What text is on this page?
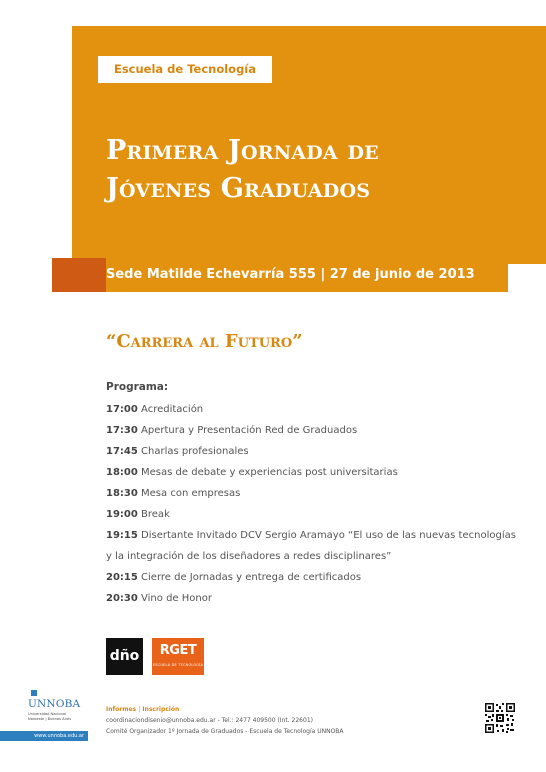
Escuela de Tecnología
Primera Jornada de
Jóvenes Graduados
Sede Matilde Echevarría 555 | 27 de junio de 2013
“Carrera al Futuro”
Programa:
17:00 Acreditación
17:30 Apertura y Presentación Red de Graduados
17:45 Charlas profesionales
18:00 Mesas de debate y experiencias post universitarias
18:30 Mesa con empresas
19:00 Break
19:15 Disertante Invitado DCV Sergio Aramayo “El uso de las nuevas tecnologías
y la integración de los diseñadores a redes disciplinares”
20:15 Cierre de Jornadas y entrega de certificados
20:30 Vino de Honor
dño	RGET
ESCUELA DE TECNOLOGÍA
UNNOBA
Universidad Nacional
Noroeste | Buenos Aires
www.unnoba.edu.ar
Informes | Inscripción
coordinaciondisenio@unnoba.edu.ar - Tel.: 2477 409500 (Int. 22601)
Comité Organizador 1º Jornada de Graduados - Escuela de Tecnología UNNOBA
